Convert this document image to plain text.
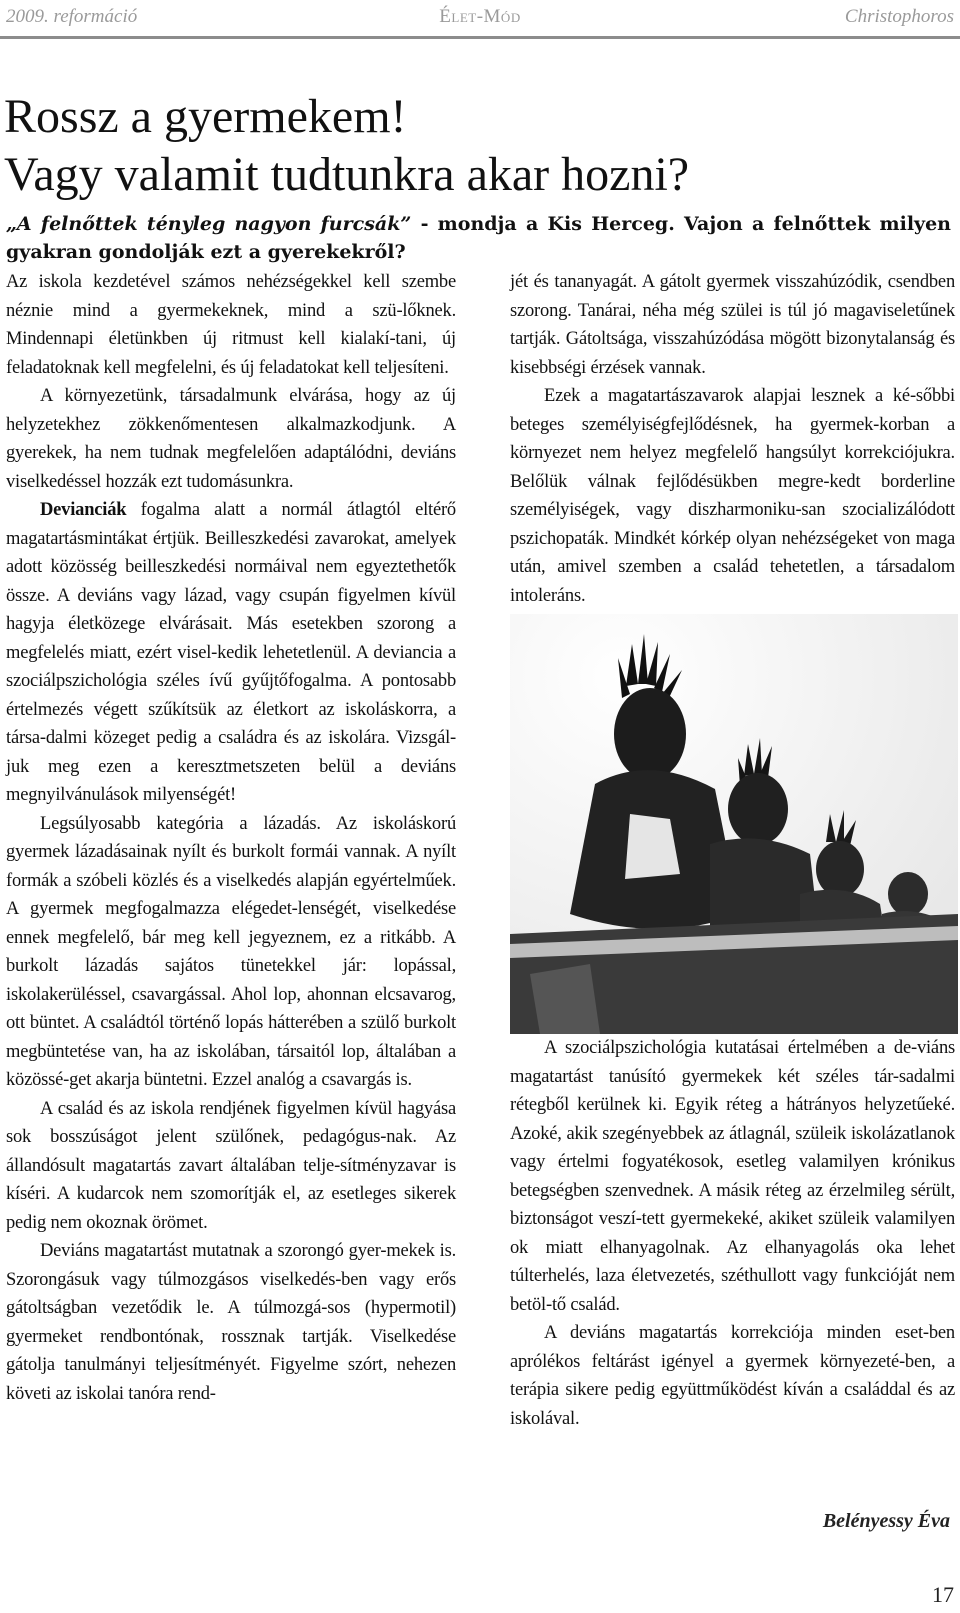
2009. reformáció	Élet-Mód	Christophoros
Rossz a gyermekem!
Vagy valamit tudtunkra akar hozni?

„A felnőttek tényleg nagyon furcsák” - mondja a Kis Herceg. Vajon a felnőttek milyen gyakran gondolják ezt a gyerekekről?

Az iskola kezdetével számos nehézségekkel kell szembe néznie mind a gyermekeknek, mind a szü-lőknek. Mindennapi életünkben új ritmust kell kialakí-tani, új feladatoknak kell megfelelni, és új feladatokat kell teljesíteni.

A környezetünk, társadalmunk elvárása, hogy az új helyzetekhez zökkenőmentesen alkalmazkodjunk. A gyerekek, ha nem tudnak megfelelően adaptálódni, deviáns viselkedéssel hozzák ezt tudomásunkra.

Devianciák fogalma alatt a normál átlagtól eltérő magatartásmintákat értjük. Beilleszkedési zavarokat, amelyek adott közösség beilleszkedési normáival nem egyeztethetők össze. A deviáns vagy lázad, vagy csupán figyelmen kívül hagyja életközege elvárásait. Más esetekben szorong a megfelelés miatt, ezért visel-kedik lehetetlenül. A deviancia a szociálpszichológia széles ívű gyűjtőfogalma. A pontosabb értelmezés végett szűkítsük az életkort az iskoláskorra, a társa-dalmi közeget pedig a családra és az iskolára. Vizsgál-juk meg ezen a keresztmetszeten belül a deviáns megnyilvánulások milyenségét!

Legsúlyosabb kategória a lázadás. Az iskoláskorú gyermek lázadásainak nyílt és burkolt formái vannak. A nyílt formák a szóbeli közlés és a viselkedés alapján egyértelműek. A gyermek megfogalmazza elégedet-lenségét, viselkedése ennek megfelelő, bár meg kell jegyeznem, ez a ritkább. A burkolt lázadás sajátos tünetekkel jár: lopással, iskolakerüléssel, csavargással. Ahol lop, ahonnan elcsavarog, ott büntet. A családtól történő lopás hátterében a szülő burkolt megbüntetése van, ha az iskolában, társaitól lop, általában a közössé-get akarja büntetni. Ezzel analóg a csavargás is.

A család és az iskola rendjének figyelmen kívül hagyása sok bosszúságot jelent szülőnek, pedagógus-nak. Az állandósult magatartás zavart általában telje-sítményzavar is kíséri. A kudarcok nem szomorítják el, az esetleges sikerek pedig nem okoznak örömet.

Deviáns magatartást mutatnak a szorongó gyer-mekek is. Szorongásuk vagy túlmozgásos viselkedés-ben vagy erős gátoltságban vezetődik le. A túlmozgá-sos (hypermotil) gyermeket rendbontónak, rossznak tartják. Viselkedése gátolja tanulmányi teljesítményét. Figyelme szórt, nehezen követi az iskolai tanóra rend-

jét és tananyagát. A gátolt gyermek visszahúzódik, csendben szorong. Tanárai, néha még szülei is túl jó magaviseletűnek tartják. Gátoltsága, visszahúzódása mögött bizonytalanság és kisebbségi érzések vannak.

Ezek a magatartászavarok alapjai lesznek a ké-sőbbi beteges személyiségfejlődésnek, ha gyermek-korban a környezet nem helyez megfelelő hangsúlyt korrekciójukra. Belőlük válnak fejlődésükben megre-kedt borderline személyiségek, vagy diszharmoniku-san szocializálódott pszichopaták. Mindkét kórkép olyan nehézségeket von maga után, amivel szemben a család tehetetlen, a társadalom intoleráns.

A szociálpszichológia kutatásai értelmében a de-viáns magatartást tanúsító gyermekek két széles tár-sadalmi rétegből kerülnek ki. Egyik réteg a hátrányos helyzetűeké. Azoké, akik szegényebbek az átlagnál, szüleik iskolázatlanok vagy értelmi fogyatékosok, esetleg valamilyen krónikus betegségben szenvednek. A másik réteg az érzelmileg sérült, biztonságot veszí-tett gyermekeké, akiket szüleik valamilyen ok miatt elhanyagolnak. Az elhanyagolás oka lehet túlterhelés, laza életvezetés, széthullott vagy funkcióját nem betöl-tő család.

A deviáns magatartás korrekciója minden eset-ben aprólékos feltárást igényel a gyermek környezeté-ben, a terápia sikere pedig együttműködést kíván a családdal és az iskolával.

Belényessy Éva
17
